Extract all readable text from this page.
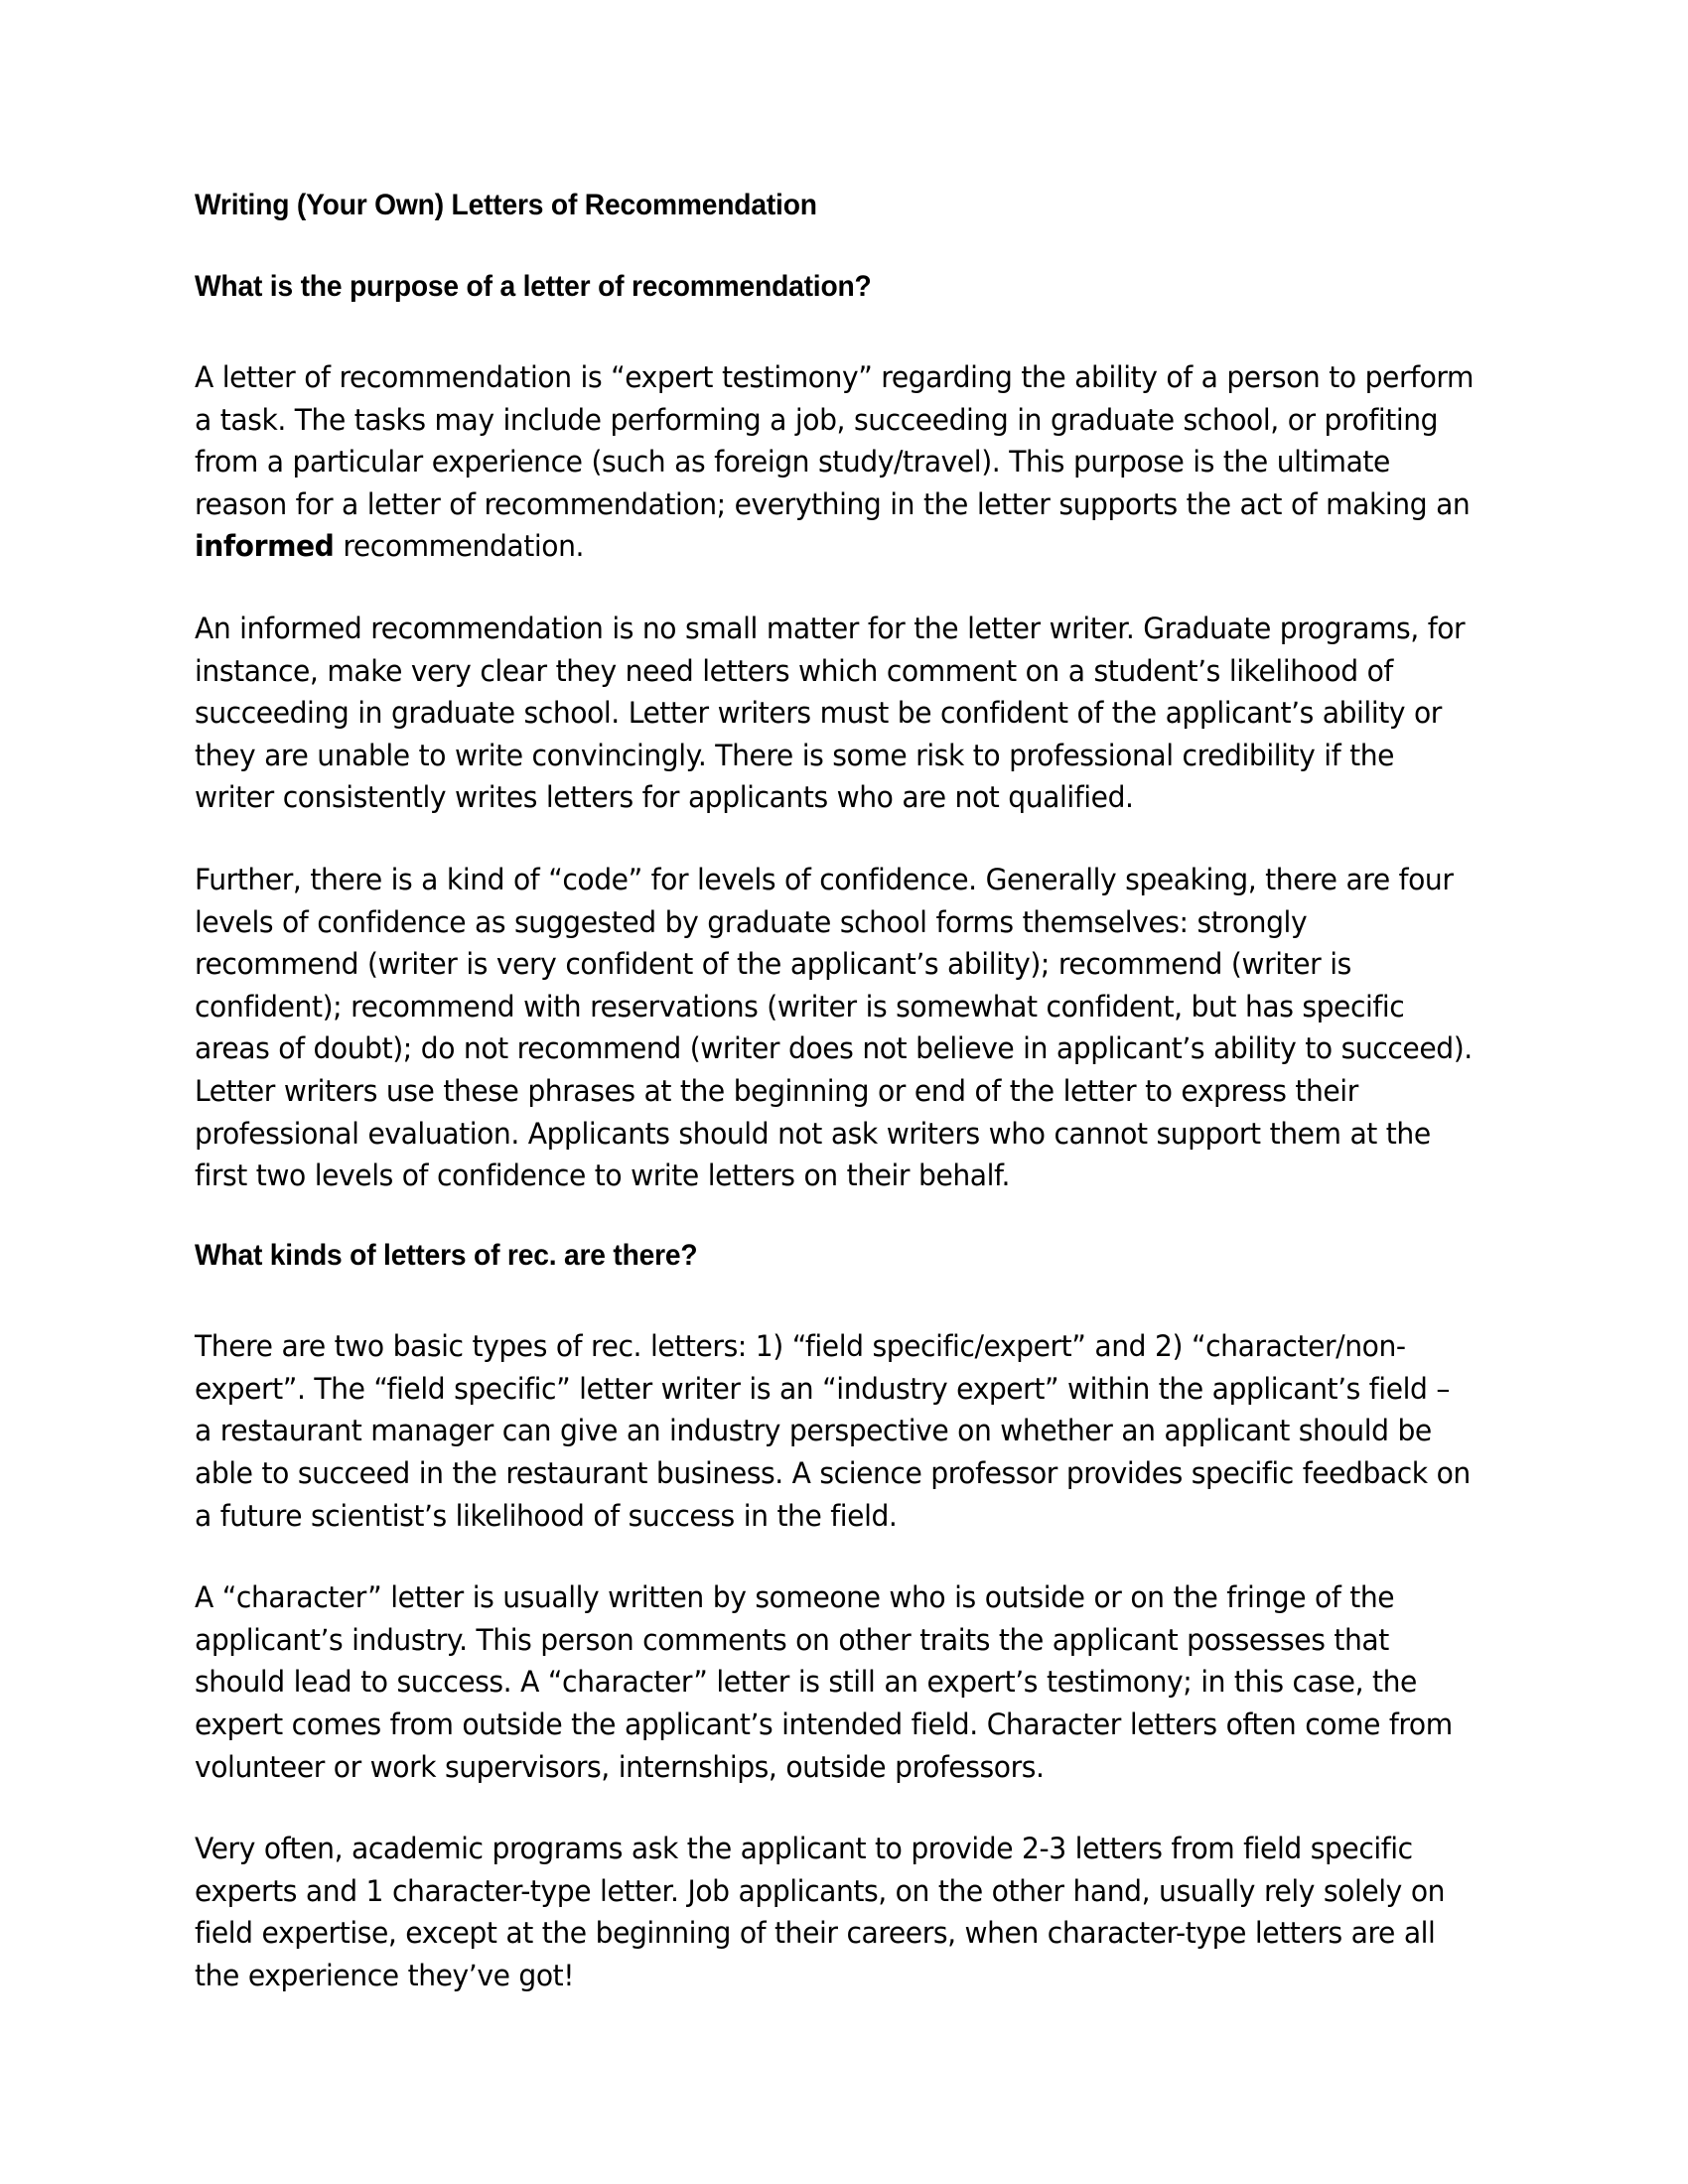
Writing (Your Own) Letters of Recommendation
What is the purpose of a letter of recommendation?

A letter of recommendation is “expert testimony” regarding the ability of a person to perform a task. The tasks may include performing a job, succeeding in graduate school, or profiting from a particular experience (such as foreign study/travel). This purpose is the ultimate reason for a letter of recommendation; everything in the letter supports the act of making an informed recommendation.

An informed recommendation is no small matter for the letter writer. Graduate programs, for instance, make very clear they need letters which comment on a student’s likelihood of succeeding in graduate school. Letter writers must be confident of the applicant’s ability or they are unable to write convincingly. There is some risk to professional credibility if the writer consistently writes letters for applicants who are not qualified.

Further, there is a kind of “code” for levels of confidence. Generally speaking, there are four levels of confidence as suggested by graduate school forms themselves: strongly recommend (writer is very confident of the applicant’s ability); recommend (writer is confident); recommend with reservations (writer is somewhat confident, but has specific areas of doubt); do not recommend (writer does not believe in applicant’s ability to succeed). Letter writers use these phrases at the beginning or end of the letter to express their professional evaluation. Applicants should not ask writers who cannot support them at the first two levels of confidence to write letters on their behalf.

What kinds of letters of rec. are there?

There are two basic types of rec. letters: 1) “field specific/expert” and 2) “character/non-expert”. The “field specific” letter writer is an “industry expert” within the applicant’s field – a restaurant manager can give an industry perspective on whether an applicant should be able to succeed in the restaurant business. A science professor provides specific feedback on a future scientist’s likelihood of success in the field.

A “character” letter is usually written by someone who is outside or on the fringe of the applicant’s industry. This person comments on other traits the applicant possesses that should lead to success. A “character” letter is still an expert’s testimony; in this case, the expert comes from outside the applicant’s intended field. Character letters often come from volunteer or work supervisors, internships, outside professors.

Very often, academic programs ask the applicant to provide 2-3 letters from field specific experts and 1 character-type letter. Job applicants, on the other hand, usually rely solely on field expertise, except at the beginning of their careers, when character-type letters are all the experience they’ve got!
